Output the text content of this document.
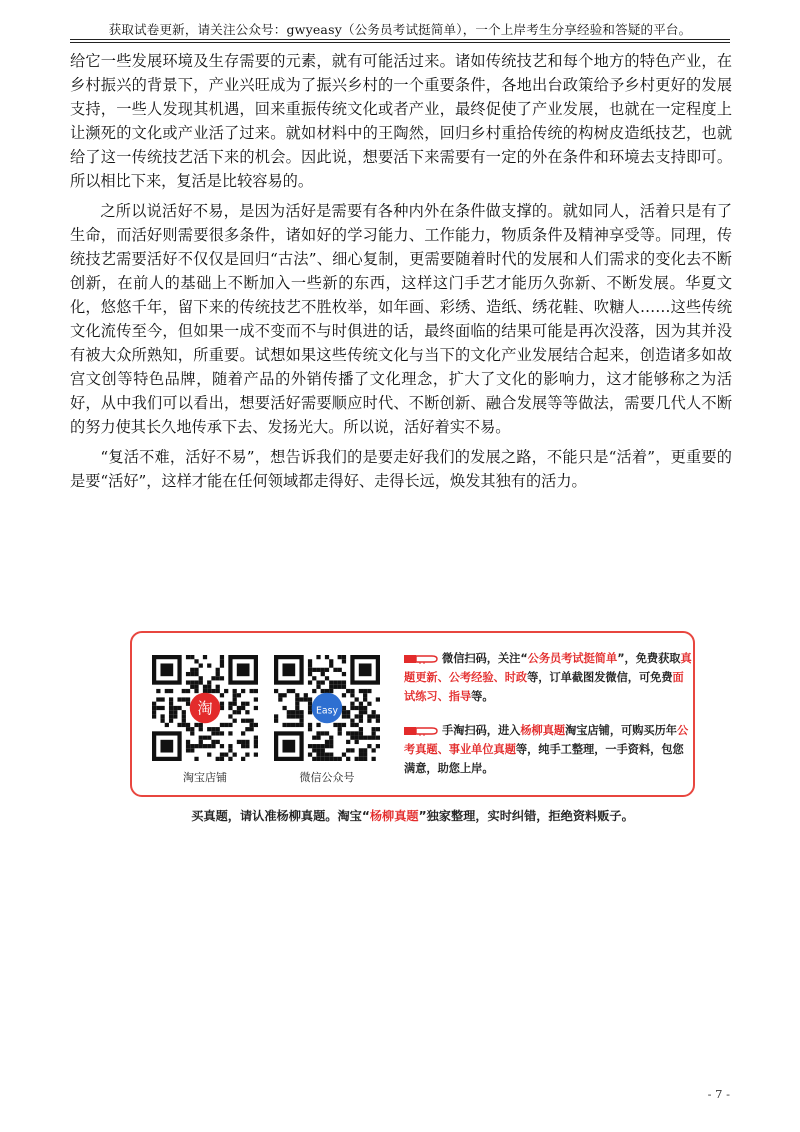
获取试卷更新，请关注公众号：gwyeasy（公务员考试挺简单），一个上岸考生分享经验和答疑的平台。

给它一些发展环境及生存需要的元素，就有可能活过来。诸如传统技艺和每个地方的特色产业，在乡村振兴的背景下，产业兴旺成为了振兴乡村的一个重要条件，各地出台政策给予乡村更好的发展支持，一些人发现其机遇，回来重振传统文化或者产业，最终促使了产业发展，也就在一定程度上让濒死的文化或产业活了过来。就如材料中的王陶然，回归乡村重拾传统的构树皮造纸技艺，也就给了这一传统技艺活下来的机会。因此说，想要活下来需要有一定的外在条件和环境去支持即可。所以相比下来，复活是比较容易的。

之所以说活好不易，是因为活好是需要有各种内外在条件做支撑的。就如同人，活着只是有了生命，而活好则需要很多条件，诸如好的学习能力、工作能力，物质条件及精神享受等。同理，传统技艺需要活好不仅仅是回归“古法”、细心复制，更需要随着时代的发展和人们需求的变化去不断创新，在前人的基础上不断加入一些新的东西，这样这门手艺才能历久弥新、不断发展。华夏文化，悠悠千年，留下来的传统技艺不胜枚举，如年画、彩绣、造纸、绣花鞋、吹糖人……这些传统文化流传至今，但如果一成不变而不与时俱进的话，最终面临的结果可能是再次没落，因为其并没有被大众所熟知，所重要。试想如果这些传统文化与当下的文化产业发展结合起来，创造诸多如故宫文创等特色品牌，随着产品的外销传播了文化理念，扩大了文化的影响力，这才能够称之为活好，从中我们可以看出，想要活好需要顺应时代、不断创新、融合发展等等做法，需要几代人不断的努力使其长久地传承下去、发扬光大。所以说，活好着实不易。

“复活不难，活好不易”，想告诉我们的是要走好我们的发展之路，不能只是“活着”，更重要的是要“活好”，这样才能在任何领域都走得好、走得长远，焕发其独有的活力。

淘
淘宝店铺
Easy
微信公众号
微信扫码，关注“公务员考试挺简单”，免费获取真题更新、公考经验、时政等，订单截图发微信，可免费面试练习、指导等。
手淘扫码，进入杨柳真题淘宝店铺，可购买历年公考真题、事业单位真题等，纯手工整理，一手资料，包您满意，助您上岸。
买真题，请认准杨柳真题。淘宝“杨柳真题”独家整理，实时纠错，拒绝资料贩子。
- 7 -
